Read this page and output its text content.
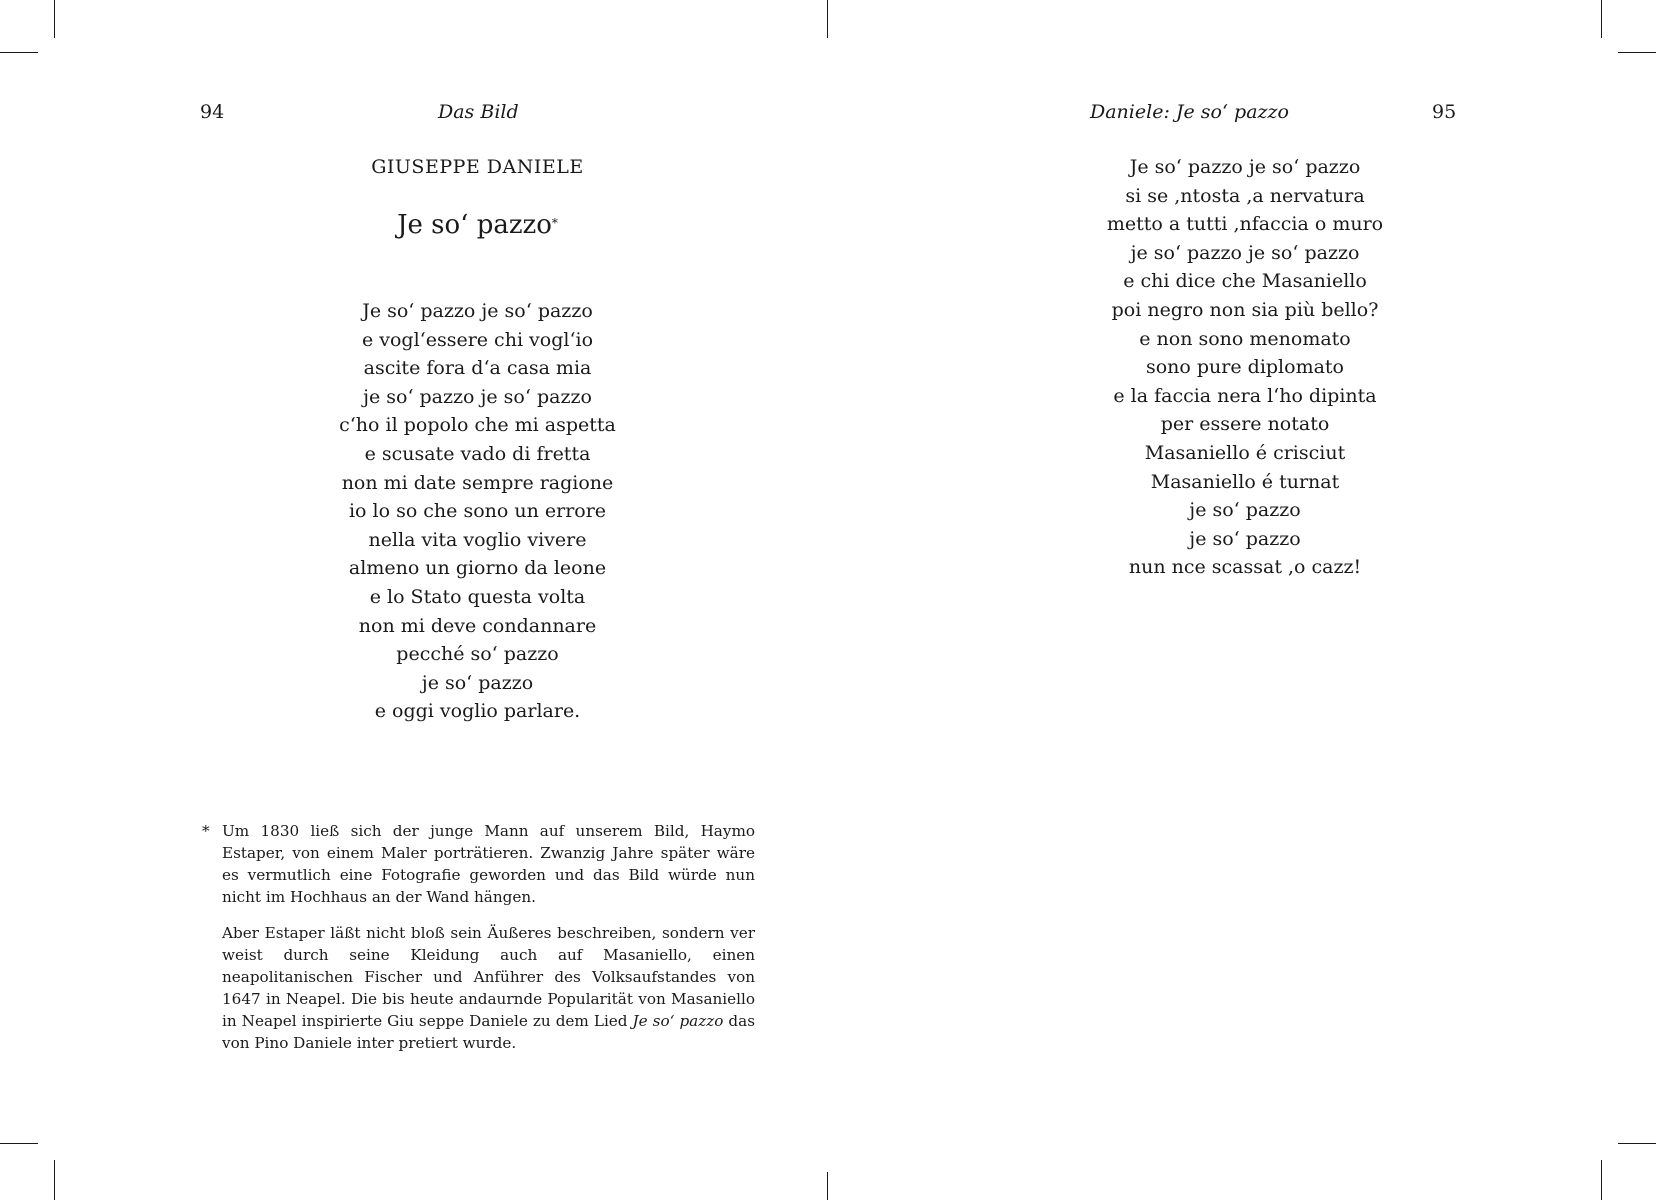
94	Das Bild
GIUSEPPE DANIELE
Je so‘ pazzo*
Je so‘ pazzo je so‘ pazzo
e vogl‘essere chi vogl‘io
ascite fora d‘a casa mia
je so‘ pazzo je so‘ pazzo
c‘ho il popolo che mi aspetta
e scusate vado di fretta
non mi date sempre ragione
io lo so che sono un errore
nella vita voglio vivere
almeno un giorno da leone
e lo Stato questa volta
non mi deve condannare
pecché so‘ pazzo
je so‘ pazzo
e oggi voglio parlare.
* Um 1830 ließ sich der junge Mann auf unserem Bild, Haymo Estaper, von einem Maler porträtieren. Zwanzig Jahre später wäre es vermutlich eine Fotografie geworden und das Bild würde nun nicht im Hochhaus an der Wand hängen.

Aber Estaper läßt nicht bloß sein Äußeres beschreiben, sondern ver weist durch seine Kleidung auch auf Masaniello, einen neapolitanischen Fischer und Anführer des Volksaufstandes von 1647 in Neapel. Die bis heute andaurnde Popularität von Masaniello in Neapel inspirierte Giu seppe Daniele zu dem Lied Je so‘ pazzo das von Pino Daniele inter pretiert wurde.

Daniele: Je so‘ pazzo	95
Je so‘ pazzo je so‘ pazzo
si se ,ntosta ,a nervatura
metto a tutti ,nfaccia o muro
je so‘ pazzo je so‘ pazzo
e chi dice che Masaniello
poi negro non sia più bello?
e non sono menomato
sono pure diplomato
e la faccia nera l‘ho dipinta
per essere notato
Masaniello é crisciut
Masaniello é turnat
je so‘ pazzo
je so‘ pazzo
nun nce scassat ,o cazz!
